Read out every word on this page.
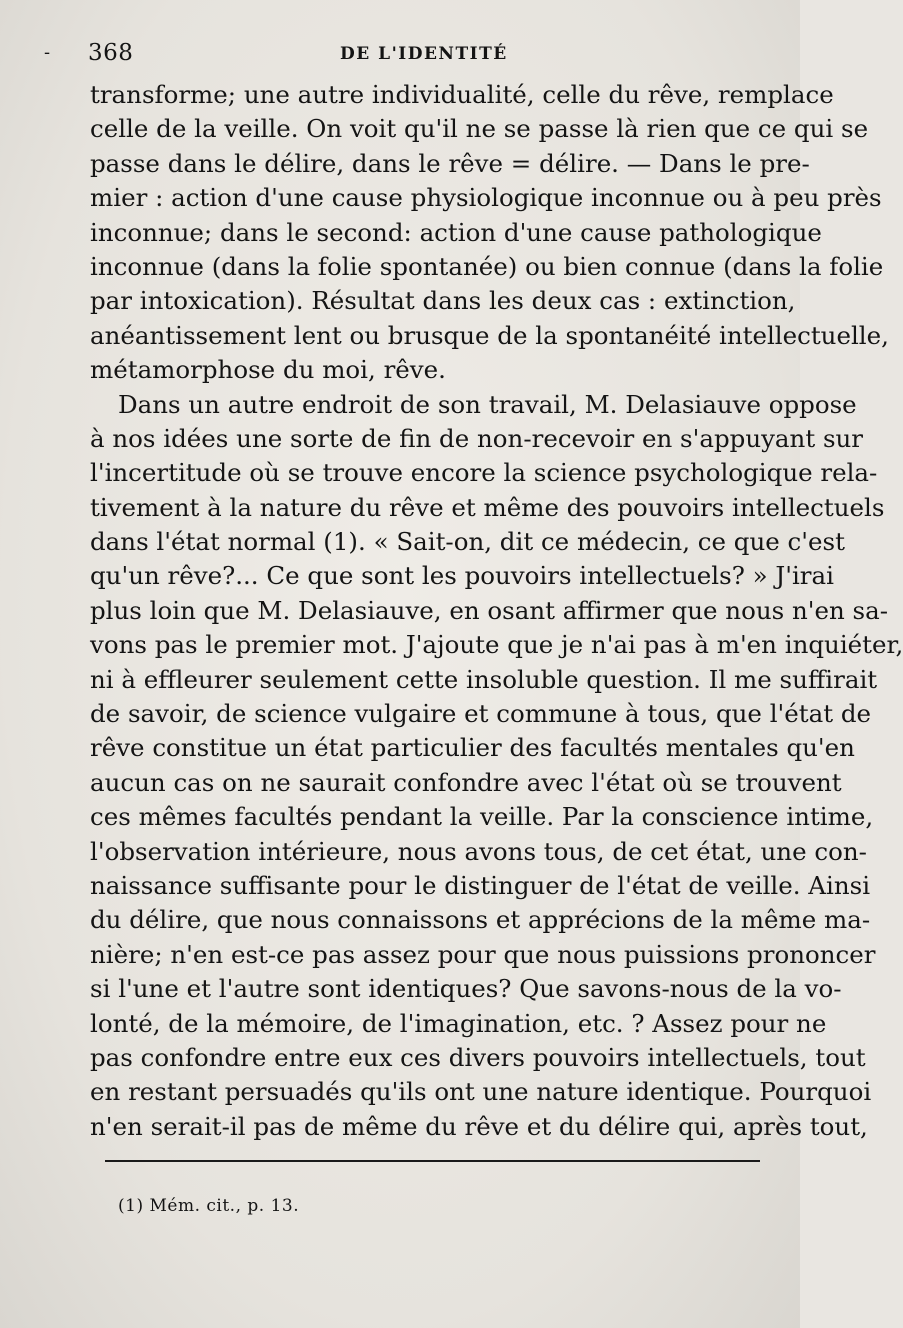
- 368	DE L'IDENTITÉ
transforme; une autre individualité, celle du rêve, remplace
celle de la veille. On voit qu'il ne se passe là rien que ce qui se
passe dans le délire, dans le rêve = délire. — Dans le pre-
mier : action d'une cause physiologique inconnue ou à peu près
inconnue; dans le second: action d'une cause pathologique
inconnue (dans la folie spontanée) ou bien connue (dans la folie
par intoxication). Résultat dans les deux cas : extinction,
anéantissement lent ou brusque de la spontanéité intellectuelle,
métamorphose du moi, rêve.
Dans un autre endroit de son travail, M. Delasiauve oppose
à nos idées une sorte de fin de non-recevoir en s'appuyant sur
l'incertitude où se trouve encore la science psychologique rela-
tivement à la nature du rêve et même des pouvoirs intellectuels
dans l'état normal (1). « Sait-on, dit ce médecin, ce que c'est
qu'un rêve?... Ce que sont les pouvoirs intellectuels? » J'irai
plus loin que M. Delasiauve, en osant affirmer que nous n'en sa-
vons pas le premier mot. J'ajoute que je n'ai pas à m'en inquiéter,
ni à effleurer seulement cette insoluble question. Il me suffirait
de savoir, de science vulgaire et commune à tous, que l'état de
rêve constitue un état particulier des facultés mentales qu'en
aucun cas on ne saurait confondre avec l'état où se trouvent
ces mêmes facultés pendant la veille. Par la conscience intime,
l'observation intérieure, nous avons tous, de cet état, une con-
naissance suffisante pour le distinguer de l'état de veille. Ainsi
du délire, que nous connaissons et apprécions de la même ma-
nière; n'en est-ce pas assez pour que nous puissions prononcer
si l'une et l'autre sont identiques? Que savons-nous de la vo-
lonté, de la mémoire, de l'imagination, etc. ? Assez pour ne
pas confondre entre eux ces divers pouvoirs intellectuels, tout
en restant persuadés qu'ils ont une nature identique. Pourquoi
n'en serait-il pas de même du rêve et du délire qui, après tout,
(1) Mém. cit., p. 13.
